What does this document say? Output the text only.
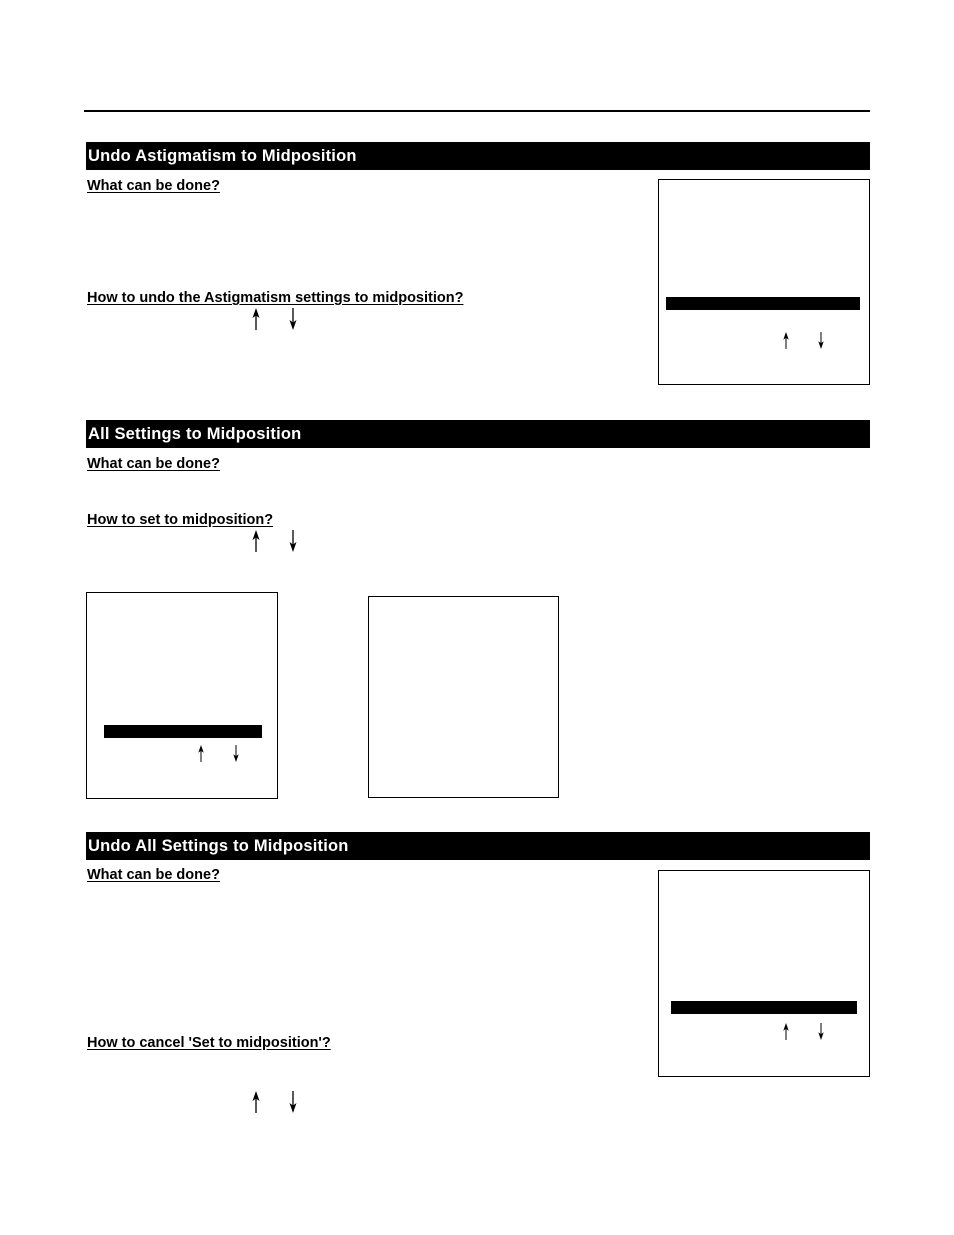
Undo Astigmatism to Midposition
What can be done?
How to undo the Astigmatism settings to midposition?
All Settings to Midposition
What can be done?
How to set to midposition?
Undo All Settings to Midposition
What can be done?
How to cancel 'Set to midposition'?
